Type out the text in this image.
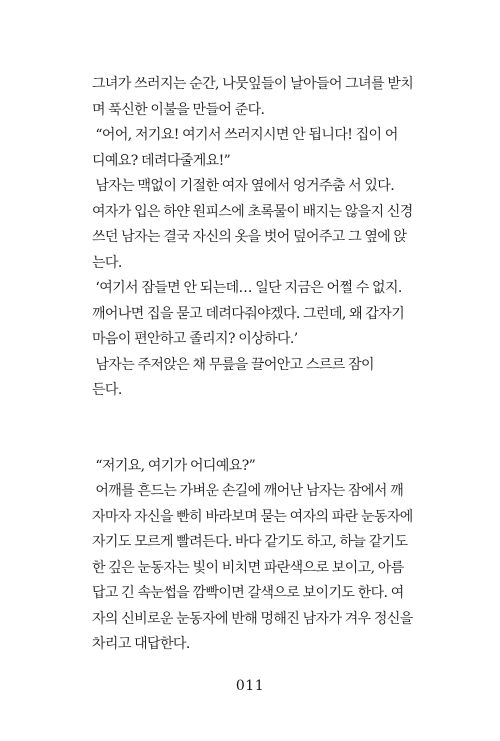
그녀가 쓰러지는 순간, 나뭇잎들이 날아들어 그녀를 받치
며 푹신한 이불을 만들어 준다.

“어어, 저기요! 여기서 쓰러지시면 안 됩니다! 집이 어
디예요? 데려다줄게요!”

남자는 맥없이 기절한 여자 옆에서 엉거주춤 서 있다.
여자가 입은 하얀 원피스에 초록물이 배지는 않을지 신경
쓰던 남자는 결국 자신의 옷을 벗어 덮어주고 그 옆에 앉
는다.

‘여기서 잠들면 안 되는데… 일단 지금은 어쩔 수 없지.
깨어나면 집을 묻고 데려다줘야겠다. 그런데, 왜 갑자기
마음이 편안하고 졸리지? 이상하다.’

남자는 주저앉은 채 무릎을 끌어안고 스르르 잠이
든다.

“저기요, 여기가 어디예요?”

어깨를 흔드는 가벼운 손길에 깨어난 남자는 잠에서 깨
자마자 자신을 빤히 바라보며 묻는 여자의 파란 눈동자에
자기도 모르게 빨려든다. 바다 같기도 하고, 하늘 같기도
한 깊은 눈동자는 빛이 비치면 파란색으로 보이고, 아름
답고 긴 속눈썹을 깜빡이면 갈색으로 보이기도 한다. 여
자의 신비로운 눈동자에 반해 멍해진 남자가 겨우 정신을
차리고 대답한다.

011
